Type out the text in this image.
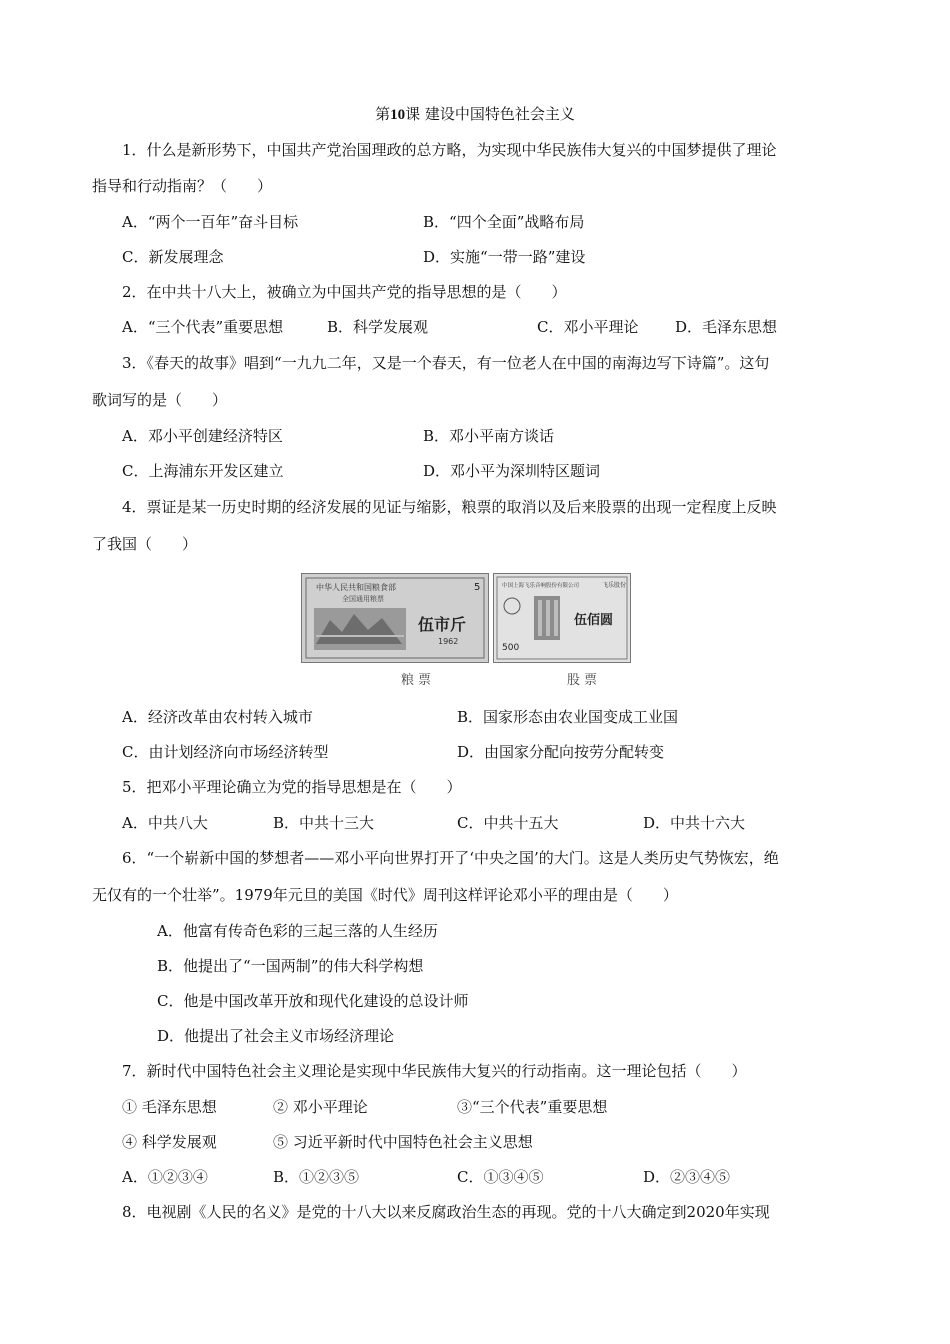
第10课 建设中国特色社会主义
1．什么是新形势下，中国共产党治国理政的总方略，为实现中华民族伟大复兴的中国梦提供了理论
指导和行动指南？（　　）
A．“两个一百年”奋斗目标	B．“四个全面”战略布局
C．新发展理念	D．实施“一带一路”建设
2．在中共十八大上，被确立为中国共产党的指导思想的是（　　）
A．“三个代表”重要思想	B．科学发展观	C．邓小平理论 D．毛泽东思想
3．《春天的故事》唱到“一九九二年，又是一个春天，有一位老人在中国的南海边写下诗篇”。这句
歌词写的是（　　）
A．邓小平创建经济特区	B．邓小平南方谈话
C．上海浦东开发区建立	D．邓小平为深圳特区题词
4．票证是某一历史时期的经济发展的见证与缩影，粮票的取消以及后来股票的出现一定程度上反映
了我国（　　）
中华人民共和国粮食部
全国通用粮票
5
伍市斤
1962
中国上海飞乐音响股份有限公司	飞乐股份
伍佰圆
500
粮票	股票
A．经济改革由农村转入城市	B．国家形态由农业国变成工业国
C．由计划经济向市场经济转型	D．由国家分配向按劳分配转变
5．把邓小平理论确立为党的指导思想是在（　　）
A．中共八大	B．中共十三大	C．中共十五大	D．中共十六大
6．“一个崭新中国的梦想者——邓小平向世界打开了‘中央之国’的大门。这是人类历史气势恢宏，绝
无仅有的一个壮举”。1979年元旦的美国《时代》周刊这样评论邓小平的理由是（　　）
A．他富有传奇色彩的三起三落的人生经历
B．他提出了“一国两制”的伟大科学构想
C．他是中国改革开放和现代化建设的总设计师
D．他提出了社会主义市场经济理论
7．新时代中国特色社会主义理论是实现中华民族伟大复兴的行动指南。这一理论包括（　　）
① 毛泽东思想	② 邓小平理论	③“三个代表”重要思想
④ 科学发展观	⑤ 习近平新时代中国特色社会主义思想
A．①②③④	B．①②③⑤	C．①③④⑤	D．②③④⑤
8．电视剧《人民的名义》是党的十八大以来反腐政治生态的再现。党的十八大确定到2020年实现
